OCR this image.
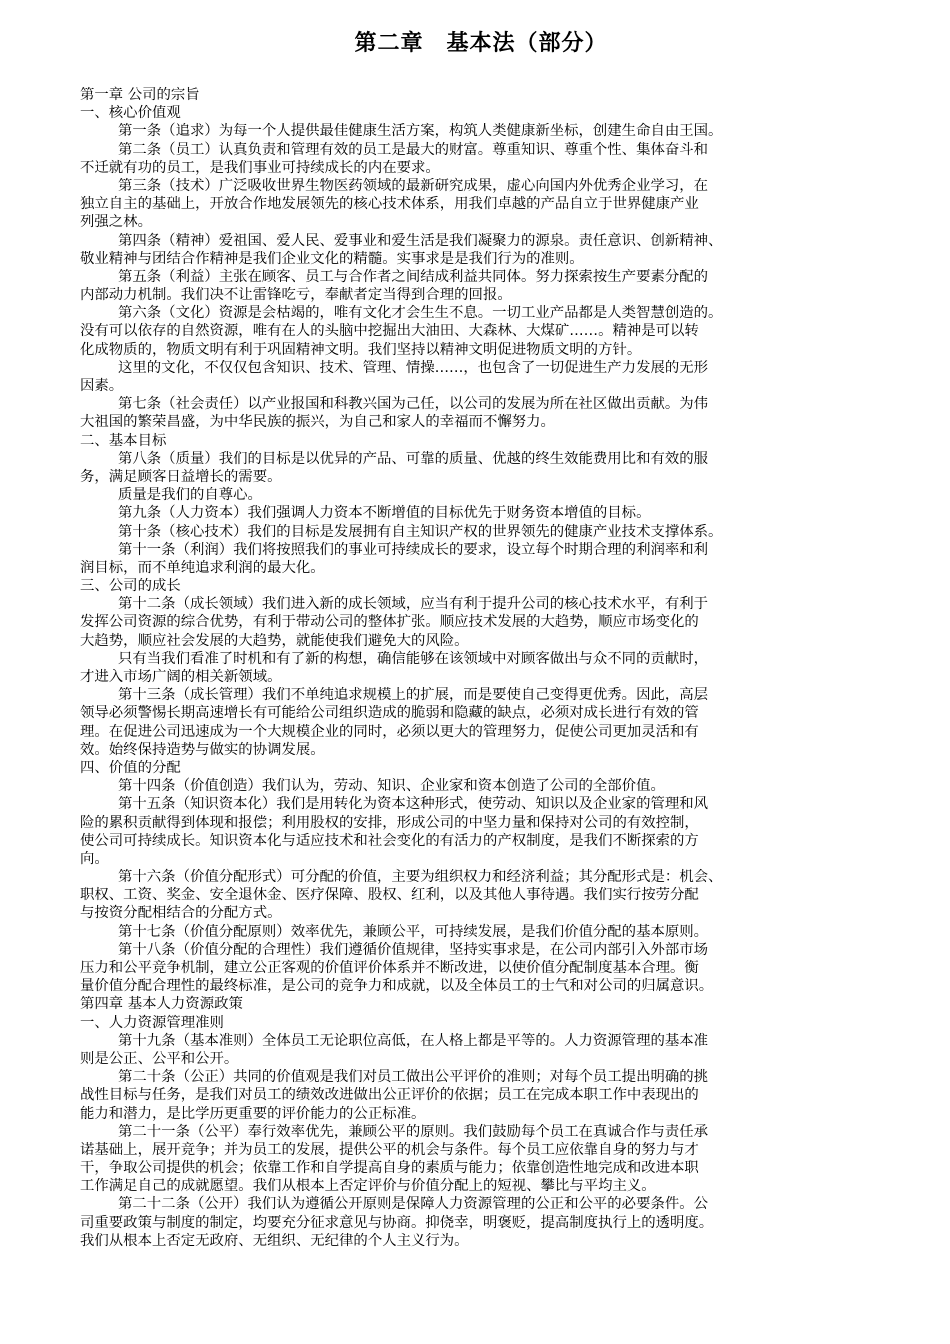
第二章　基本法（部分）
第一章 公司的宗旨
一、核心价值观
第一条（追求）为每一个人提供最佳健康生活方案，构筑人类健康新坐标，创建生命自由王国。
第二条（员工）认真负责和管理有效的员工是最大的财富。尊重知识、尊重个性、集体奋斗和
不迁就有功的员工，是我们事业可持续成长的内在要求。
第三条（技术）广泛吸收世界生物医药领域的最新研究成果，虚心向国内外优秀企业学习，在
独立自主的基础上，开放合作地发展领先的核心技术体系，用我们卓越的产品自立于世界健康产业
列强之林。
第四条（精神）爱祖国、爱人民、爱事业和爱生活是我们凝聚力的源泉。责任意识、创新精神、
敬业精神与团结合作精神是我们企业文化的精髓。实事求是是我们行为的准则。
第五条（利益）主张在顾客、员工与合作者之间结成利益共同体。努力探索按生产要素分配的
内部动力机制。我们决不让雷锋吃亏，奉献者定当得到合理的回报。
第六条（文化）资源是会枯竭的，唯有文化才会生生不息。一切工业产品都是人类智慧创造的。
没有可以依存的自然资源，唯有在人的头脑中挖掘出大油田、大森林、大煤矿……。精神是可以转
化成物质的，物质文明有利于巩固精神文明。我们坚持以精神文明促进物质文明的方针。
这里的文化，不仅仅包含知识、技术、管理、情操……，也包含了一切促进生产力发展的无形
因素。
第七条（社会责任）以产业报国和科教兴国为己任，以公司的发展为所在社区做出贡献。为伟
大祖国的繁荣昌盛，为中华民族的振兴，为自己和家人的幸福而不懈努力。
二、基本目标
第八条（质量）我们的目标是以优异的产品、可靠的质量、优越的终生效能费用比和有效的服
务，满足顾客日益增长的需要。
质量是我们的自尊心。
第九条（人力资本）我们强调人力资本不断增值的目标优先于财务资本增值的目标。
第十条（核心技术）我们的目标是发展拥有自主知识产权的世界领先的健康产业技术支撑体系。
第十一条（利润）我们将按照我们的事业可持续成长的要求，设立每个时期合理的利润率和利
润目标，而不单纯追求利润的最大化。
三、公司的成长
第十二条（成长领域）我们进入新的成长领域，应当有利于提升公司的核心技术水平，有利于
发挥公司资源的综合优势，有利于带动公司的整体扩张。顺应技术发展的大趋势，顺应市场变化的
大趋势，顺应社会发展的大趋势，就能使我们避免大的风险。
只有当我们看准了时机和有了新的构想，确信能够在该领域中对顾客做出与众不同的贡献时，
才进入市场广阔的相关新领域。
第十三条（成长管理）我们不单纯追求规模上的扩展，而是要使自己变得更优秀。因此，高层
领导必须警惕长期高速增长有可能给公司组织造成的脆弱和隐藏的缺点，必须对成长进行有效的管
理。在促进公司迅速成为一个大规模企业的同时，必须以更大的管理努力，促使公司更加灵活和有
效。始终保持造势与做实的协调发展。
四、价值的分配
第十四条（价值创造）我们认为，劳动、知识、企业家和资本创造了公司的全部价值。
第十五条（知识资本化）我们是用转化为资本这种形式，使劳动、知识以及企业家的管理和风
险的累积贡献得到体现和报偿；利用股权的安排，形成公司的中坚力量和保持对公司的有效控制，
使公司可持续成长。知识资本化与适应技术和社会变化的有活力的产权制度，是我们不断探索的方
向。
第十六条（价值分配形式）可分配的价值，主要为组织权力和经济利益；其分配形式是：机会、
职权、工资、奖金、安全退休金、医疗保障、股权、红利，以及其他人事待遇。我们实行按劳分配
与按资分配相结合的分配方式。
第十七条（价值分配原则）效率优先，兼顾公平，可持续发展，是我们价值分配的基本原则。
第十八条（价值分配的合理性）我们遵循价值规律，坚持实事求是，在公司内部引入外部市场
压力和公平竞争机制，建立公正客观的价值评价体系并不断改进，以使价值分配制度基本合理。衡
量价值分配合理性的最终标准，是公司的竞争力和成就，以及全体员工的士气和对公司的归属意识。
第四章 基本人力资源政策
一、人力资源管理准则
第十九条（基本准则）全体员工无论职位高低，在人格上都是平等的。人力资源管理的基本准
则是公正、公平和公开。
第二十条（公正）共同的价值观是我们对员工做出公平评价的准则；对每个员工提出明确的挑
战性目标与任务，是我们对员工的绩效改进做出公正评价的依据；员工在完成本职工作中表现出的
能力和潜力，是比学历更重要的评价能力的公正标准。
第二十一条（公平）奉行效率优先，兼顾公平的原则。我们鼓励每个员工在真诚合作与责任承
诺基础上，展开竞争；并为员工的发展，提供公平的机会与条件。每个员工应依靠自身的努力与才
干，争取公司提供的机会；依靠工作和自学提高自身的素质与能力；依靠创造性地完成和改进本职
工作满足自己的成就愿望。我们从根本上否定评价与价值分配上的短视、攀比与平均主义。
第二十二条（公开）我们认为遵循公开原则是保障人力资源管理的公正和公平的必要条件。公
司重要政策与制度的制定，均要充分征求意见与协商。抑侥幸，明褒贬，提高制度执行上的透明度。
我们从根本上否定无政府、无组织、无纪律的个人主义行为。
